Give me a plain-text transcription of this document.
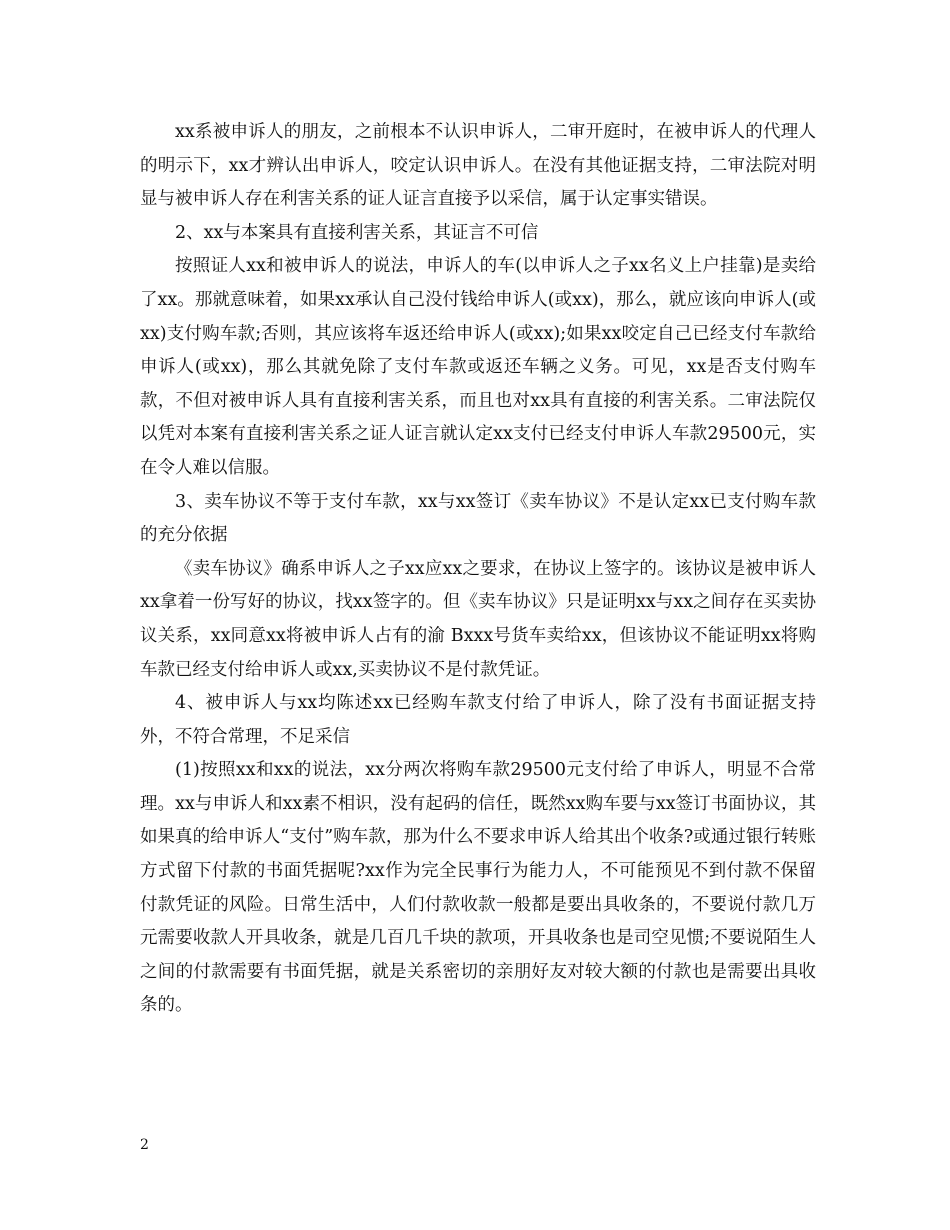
xx系被申诉人的朋友，之前根本不认识申诉人，二审开庭时，在被申诉人的代理人的明示下，xx才辨认出申诉人，咬定认识申诉人。在没有其他证据支持，二审法院对明显与被申诉人存在利害关系的证人证言直接予以采信，属于认定事实错误。

2、xx与本案具有直接利害关系，其证言不可信

按照证人xx和被申诉人的说法，申诉人的车(以申诉人之子xx名义上户挂靠)是卖给了xx。那就意味着，如果xx承认自己没付钱给申诉人(或xx)，那么，就应该向申诉人(或xx)支付购车款;否则，其应该将车返还给申诉人(或xx);如果xx咬定自己已经支付车款给申诉人(或xx)，那么其就免除了支付车款或返还车辆之义务。可见，xx是否支付购车款，不但对被申诉人具有直接利害关系，而且也对xx具有直接的利害关系。二审法院仅以凭对本案有直接利害关系之证人证言就认定xx支付已经支付申诉人车款29500元，实在令人难以信服。

3、卖车协议不等于支付车款，xx与xx签订《卖车协议》不是认定xx已支付购车款的充分依据

《卖车协议》确系申诉人之子xx应xx之要求，在协议上签字的。该协议是被申诉人xx拿着一份写好的协议，找xx签字的。但《卖车协议》只是证明xx与xx之间存在买卖协议关系，xx同意xx将被申诉人占有的渝 Bxxx号货车卖给xx，但该协议不能证明xx将购车款已经支付给申诉人或xx,买卖协议不是付款凭证。

4、被申诉人与xx均陈述xx已经购车款支付给了申诉人，除了没有书面证据支持外，不符合常理，不足采信

(1)按照xx和xx的说法，xx分两次将购车款29500元支付给了申诉人，明显不合常理。xx与申诉人和xx素不相识，没有起码的信任，既然xx购车要与xx签订书面协议，其如果真的给申诉人“支付”购车款，那为什么不要求申诉人给其出个收条?或通过银行转账方式留下付款的书面凭据呢?xx作为完全民事行为能力人，不可能预见不到付款不保留付款凭证的风险。日常生活中，人们付款收款一般都是要出具收条的，不要说付款几万元需要收款人开具收条，就是几百几千块的款项，开具收条也是司空见惯;不要说陌生人之间的付款需要有书面凭据，就是关系密切的亲朋好友对较大额的付款也是需要出具收条的。

2
